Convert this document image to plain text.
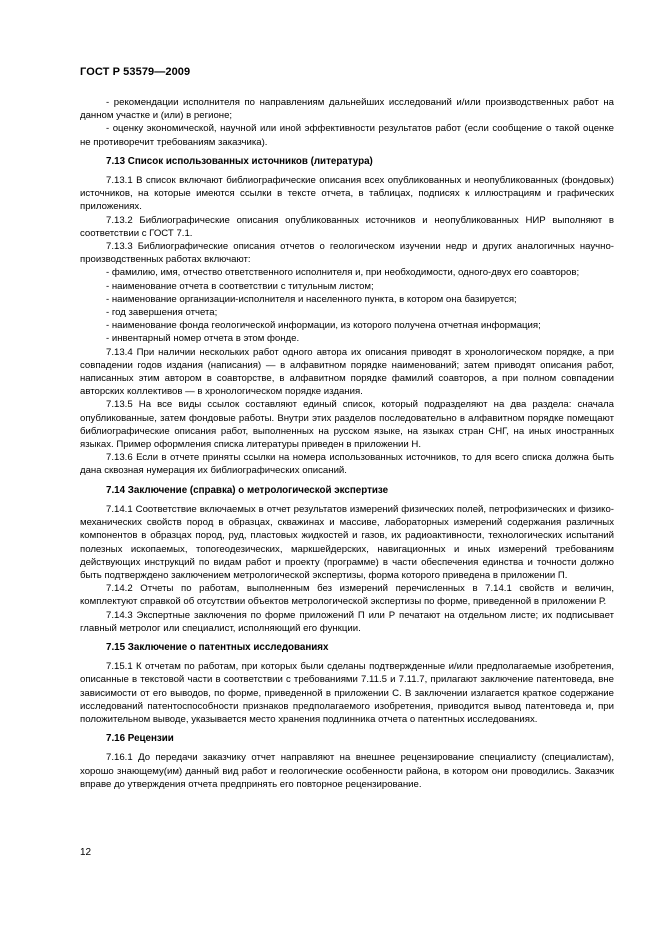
ГОСТ Р 53579—2009

- рекомендации исполнителя по направлениям дальнейших исследований и/или производственных работ на данном участке и (или) в регионе;

- оценку экономической, научной или иной эффективности результатов работ (если сообщение о такой оценке не противоречит требованиям заказчика).

7.13 Список использованных источников (литература)

7.13.1 В список включают библиографические описания всех опубликованных и неопубликованных (фондовых) источников, на которые имеются ссылки в тексте отчета, в таблицах, подписях к иллюстрациям и графических приложениях.

7.13.2 Библиографические описания опубликованных источников и неопубликованных НИР выполняют в соответствии с ГОСТ 7.1.

7.13.3 Библиографические описания отчетов о геологическом изучении недр и других аналогичных научно-производственных работах включают:

- фамилию, имя, отчество ответственного исполнителя и, при необходимости, одного-двух его соавторов;

- наименование отчета в соответствии с титульным листом;

- наименование организации-исполнителя и населенного пункта, в котором она базируется;

- год завершения отчета;

- наименование фонда геологической информации, из которого получена отчетная информация;

- инвентарный номер отчета в этом фонде.

7.13.4 При наличии нескольких работ одного автора их описания приводят в хронологическом порядке, а при совпадении годов издания (написания) — в алфавитном порядке наименований; затем приводят описания работ, написанных этим автором в соавторстве, в алфавитном порядке фамилий соавторов, а при полном совпадении авторских коллективов — в хронологическом порядке издания.

7.13.5 На все виды ссылок составляют единый список, который подразделяют на два раздела: сначала опубликованные, затем фондовые работы. Внутри этих разделов последовательно в алфавитном порядке помещают библиографические описания работ, выполненных на русском языке, на языках стран СНГ, на иных иностранных языках. Пример оформления списка литературы приведен в приложении Н.

7.13.6 Если в отчете приняты ссылки на номера использованных источников, то для всего списка должна быть дана сквозная нумерация их библиографических описаний.

7.14 Заключение (справка) о метрологической экспертизе

7.14.1 Соответствие включаемых в отчет результатов измерений физических полей, петрофизических и физико-механических свойств пород в образцах, скважинах и массиве, лабораторных измерений содержания различных компонентов в образцах пород, руд, пластовых жидкостей и газов, их радиоактивности, технологических испытаний полезных ископаемых, топогеодезических, маркшейдерских, навигационных и иных измерений требованиям действующих инструкций по видам работ и проекту (программе) в части обеспечения единства и точности должно быть подтверждено заключением метрологической экспертизы, форма которого приведена в приложении П.

7.14.2 Отчеты по работам, выполненным без измерений перечисленных в 7.14.1 свойств и величин, комплектуют справкой об отсутствии объектов метрологической экспертизы по форме, приведенной в приложении Р.

7.14.3 Экспертные заключения по форме приложений П или Р печатают на отдельном листе; их подписывает главный метролог или специалист, исполняющий его функции.

7.15 Заключение о патентных исследованиях

7.15.1 К отчетам по работам, при которых были сделаны подтвержденные и/или предполагаемые изобретения, описанные в текстовой части в соответствии с требованиями 7.11.5 и 7.11.7, прилагают заключение патентоведа, вне зависимости от его выводов, по форме, приведенной в приложении С. В заключении излагается краткое содержание исследований патентоспособности признаков предполагаемого изобретения, приводится вывод патентоведа и, при положительном выводе, указывается место хранения подлинника отчета о патентных исследованиях.

7.16 Рецензии

7.16.1 До передачи заказчику отчет направляют на внешнее рецензирование специалисту (специалистам), хорошо знающему(им) данный вид работ и геологические особенности района, в котором они проводились. Заказчик вправе до утверждения отчета предпринять его повторное рецензирование.

12
